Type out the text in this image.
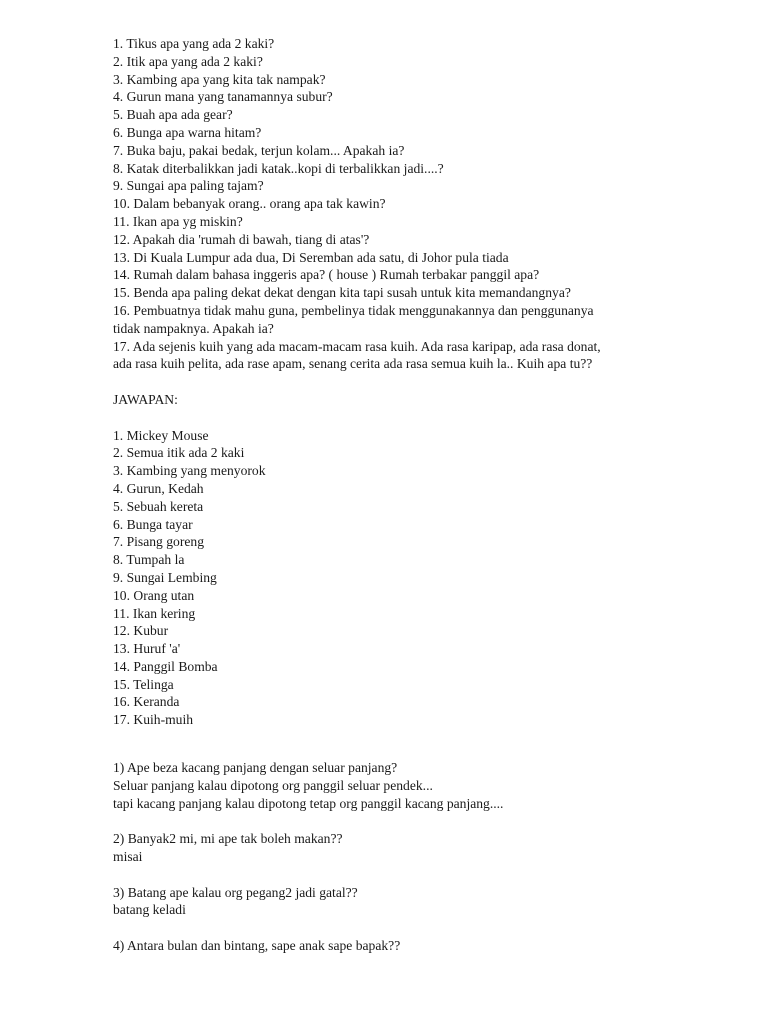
1. Tikus apa yang ada 2 kaki?
2. Itik apa yang ada 2 kaki?
3. Kambing apa yang kita tak nampak?
4. Gurun mana yang tanamannya subur?
5. Buah apa ada gear?
6. Bunga apa warna hitam?
7. Buka baju, pakai bedak, terjun kolam... Apakah ia?
8. Katak diterbalikkan jadi katak..kopi di terbalikkan jadi....?
9. Sungai apa paling tajam?
10. Dalam bebanyak orang.. orang apa tak kawin?
11. Ikan apa yg miskin?
12. Apakah dia 'rumah di bawah, tiang di atas'?
13. Di Kuala Lumpur ada dua, Di Seremban ada satu, di Johor pula tiada
14. Rumah dalam bahasa inggeris apa? ( house ) Rumah terbakar panggil apa?
15. Benda apa paling dekat dekat dengan kita tapi susah untuk kita memandangnya?
16. Pembuatnya tidak mahu guna, pembelinya tidak menggunakannya dan penggunanya
tidak nampaknya. Apakah ia?
17. Ada sejenis kuih yang ada macam-macam rasa kuih. Ada rasa karipap, ada rasa donat,
ada rasa kuih pelita, ada rase apam, senang cerita ada rasa semua kuih la.. Kuih apa tu??
JAWAPAN:
1. Mickey Mouse
2. Semua itik ada 2 kaki
3. Kambing yang menyorok
4. Gurun, Kedah
5. Sebuah kereta
6. Bunga tayar
7. Pisang goreng
8. Tumpah la
9. Sungai Lembing
10. Orang utan
11. Ikan kering
12. Kubur
13. Huruf 'a'
14. Panggil Bomba
15. Telinga
16. Keranda
17. Kuih-muih
1) Ape beza kacang panjang dengan seluar panjang?
Seluar panjang kalau dipotong org panggil seluar pendek...
tapi kacang panjang kalau dipotong tetap org panggil kacang panjang....
2) Banyak2 mi, mi ape tak boleh makan??
misai
3) Batang ape kalau org pegang2 jadi gatal??
batang keladi
4) Antara bulan dan bintang, sape anak sape bapak??
